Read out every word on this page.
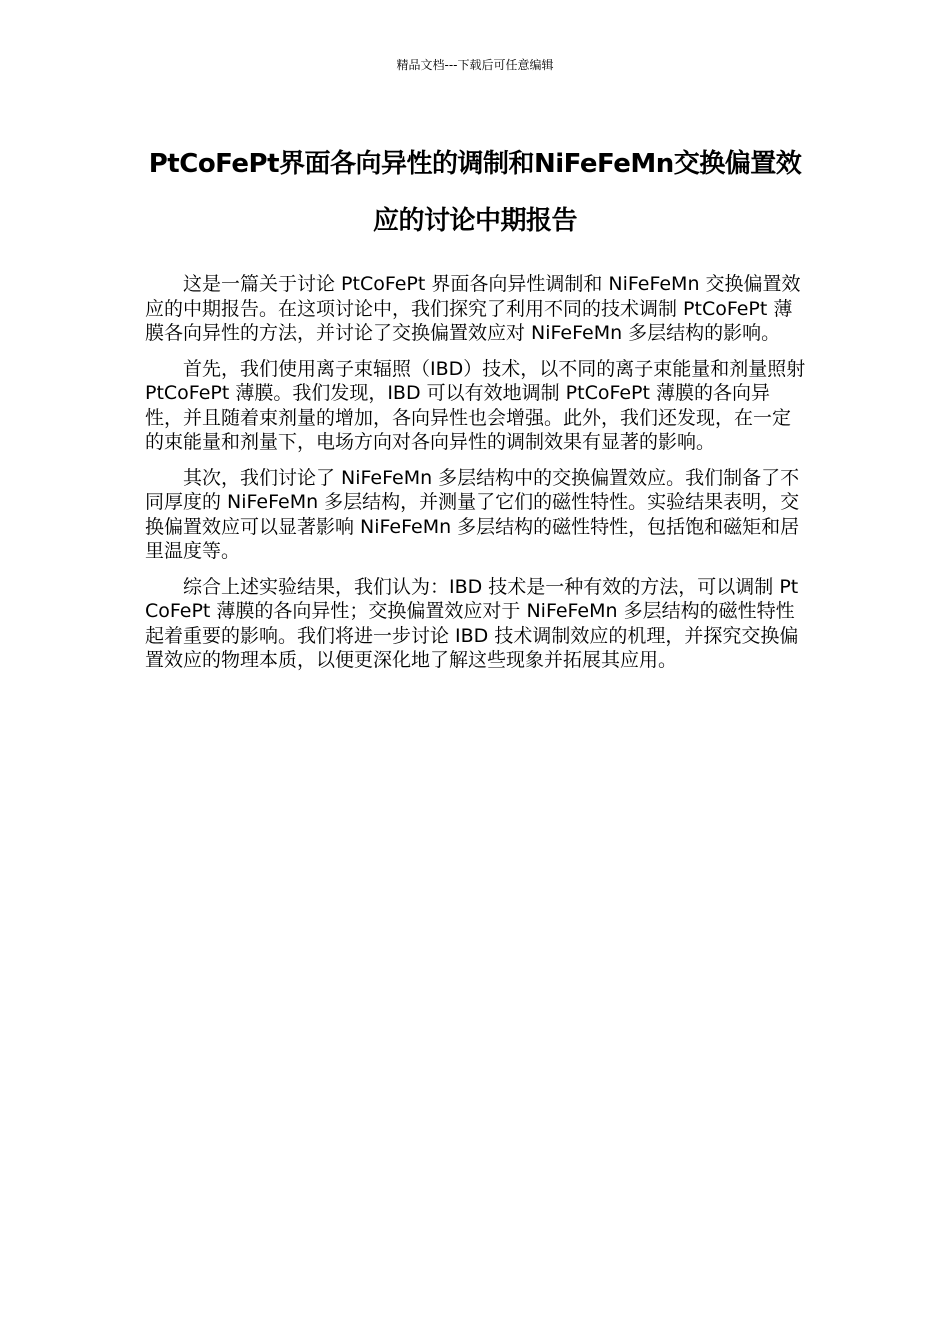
精品文档---下载后可任意编辑
PtCoFePt界面各向异性的调制和NiFeFeMn交换偏置效应的讨论中期报告

这是一篇关于讨论 PtCoFePt 界面各向异性调制和 NiFeFeMn 交换偏置效应的中期报告。在这项讨论中，我们探究了利用不同的技术调制 PtCoFePt 薄膜各向异性的方法，并讨论了交换偏置效应对 NiFeFeMn 多层结构的影响。

首先，我们使用离子束辐照（IBD）技术，以不同的离子束能量和剂量照射 PtCoFePt 薄膜。我们发现，IBD 可以有效地调制 PtCoFePt 薄膜的各向异性，并且随着束剂量的增加，各向异性也会增强。此外，我们还发现，在一定的束能量和剂量下，电场方向对各向异性的调制效果有显著的影响。

其次，我们讨论了 NiFeFeMn 多层结构中的交换偏置效应。我们制备了不同厚度的 NiFeFeMn 多层结构，并测量了它们的磁性特性。实验结果表明，交换偏置效应可以显著影响 NiFeFeMn 多层结构的磁性特性，包括饱和磁矩和居里温度等。

综合上述实验结果，我们认为：IBD 技术是一种有效的方法，可以调制 PtCoFePt 薄膜的各向异性；交换偏置效应对于 NiFeFeMn 多层结构的磁性特性起着重要的影响。我们将进一步讨论 IBD 技术调制效应的机理，并探究交换偏置效应的物理本质，以便更深化地了解这些现象并拓展其应用。
